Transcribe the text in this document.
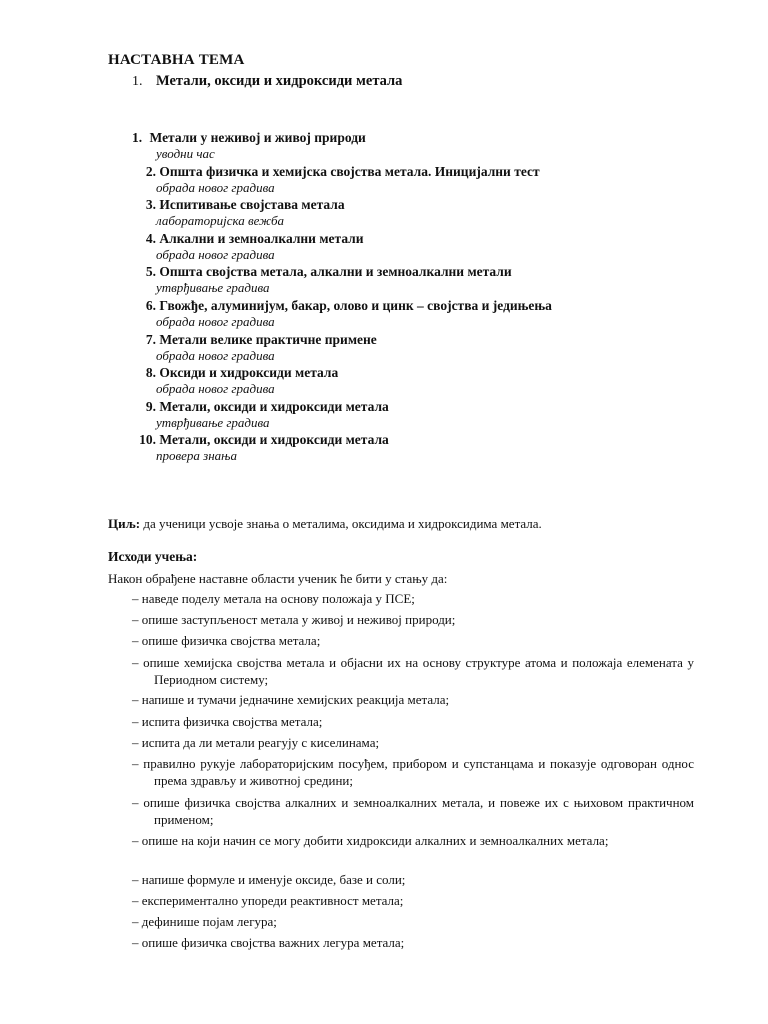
НАСТАВНА ТЕМА
1. Метали, оксиди и хидроксиди метала
1. Метали у неживој и живој природи
уводни час
2. Општа физичка и хемијска својства метала. Иницијални тест
обрада новог градива
3. Испитивање својстава метала
лабораторијска вежба
4. Алкални и земноалкални метали
обрада новог градива
5. Општа својства метала, алкални и земноалкални метали
утврђивање градива
6. Гвожђе, алуминијум, бакар, олово и цинк – својства и једињења
обрада новог градива
7. Метали велике практичне примене
обрада новог градива
8. Оксиди и хидроксиди метала
обрада новог градива
9. Метали, оксиди и хидроксиди метала
утврђивање градива
10. Метали, оксиди и хидроксиди метала
провера знања
Циљ: да ученици усвоје знања о металима, оксидима и хидроксидима метала.
Исходи учења:
Након обрађене наставне области ученик ће бити у стању да:
– наведе поделу метала на основу положаја у ПСЕ;
– опише заступљеност метала у живој и неживој природи;
– опише физичка својства метала;
– опише хемијска својства метала и објасни их на основу структуре атома и положаја елемената у Периодном систему;
– напише и тумачи једначине хемијских реакција метала;
– испита физичка својства метала;
– испита да ли метали реагују с киселинама;
– правилно рукује лабораторијским посуђем, прибором и супстанцама и показује одговоран однос према здрављу и животној средини;
– опише физичка својства алкалних и земноалкалних метала, и повеже их с њиховом практичном применом;
– опише на који начин се могу добити хидроксиди алкалних и земноалкалних метала;
– напише формуле и именује оксиде, базе и соли;
– експериментално упореди реактивност метала;
– дефинише појам легура;
– опише физичка својства важних легура метала;
